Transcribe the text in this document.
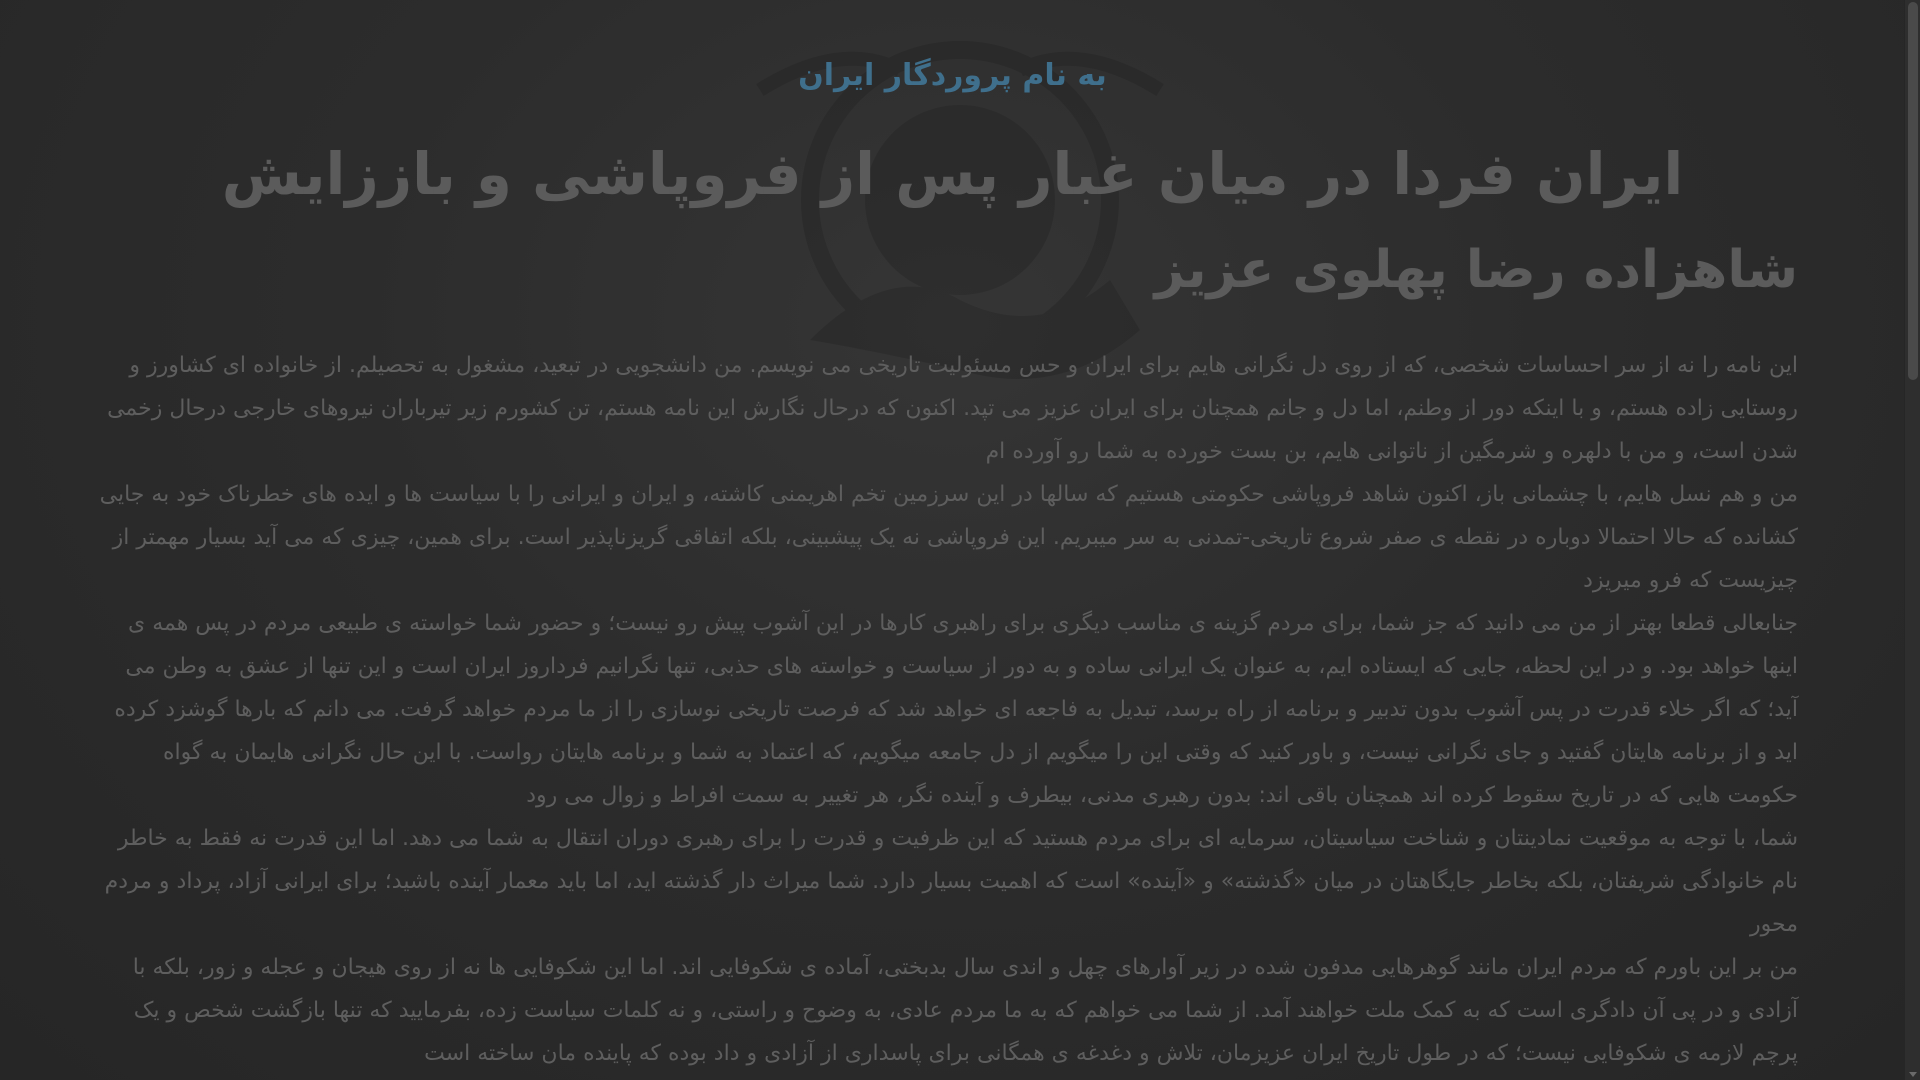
به نام پروردگار ایران
ایران فردا در میان غبار پس از فروپاشی و باززایش
شاهزاده رضا پهلوی عزیز

این نامه را نه از سر احساسات شخصی، که از روی دل نگرانی هایم برای ایران و حس مسئولیت تاریخی می نویسم. من دانشجویی در تبعید، مشغول به تحصیلم. از خانواده ای کشاورز و روستایی زاده هستم، و با اینکه دور از وطنم، اما دل و جانم همچنان برای ایران عزیز می تپد. اکنون که درحال نگارش این نامه هستم، تن کشورم زیر تیرباران نیروهای خارجی درحال زخمی شدن است، و من با دلهره و شرمگین از ناتوانی هایم، بن بست خورده به شما رو آورده ام

من و هم نسل هایم، با چشمانی باز، اکنون شاهد فروپاشی حکومتی هستیم که سالها در این سرزمین تخم اهریمنی کاشته، و ایران و ایرانی را با سیاست ها و ایده های خطرناک خود به جایی کشانده که حالا احتمالا دوباره در نقطه ی صفر شروع تاریخی-تمدنی به سر میبریم. این فروپاشی نه یک پیشبینی، بلکه اتفاقی گریزناپذیر است. برای همین، چیزی که می آید بسیار مهمتر از چیزیست که فرو میریزد

جنابعالی قطعا بهتر از من می دانید که جز شما، برای مردم گزینه ی مناسب دیگری برای راهبری کارها در این آشوب پیش رو نیست؛ و حضور شما خواسته ی طبیعی مردم در پس همه ی اینها خواهد بود. و در این لحظه، جایی که ایستاده ایم، به عنوان یک ایرانی ساده و به دور از سیاست و خواسته های حذبی، تنها نگرانیم فرداروز ایران است و این تنها از عشق به وطن می آید؛ که اگر خلاء قدرت در پس آشوب بدون تدبیر و برنامه از راه برسد، تبدیل به فاجعه ای خواهد شد که فرصت تاریخی نوسازی را از ما مردم خواهد گرفت. می دانم که بارها گوشزد کرده اید و از برنامه هایتان گفتید و جای نگرانی نیست، و باور کنید که وقتی این را میگویم از دل جامعه میگویم، که اعتماد به شما و برنامه هایتان رواست. با این حال نگرانی هایمان به گواه حکومت هایی که در تاریخ سقوط کرده اند همچنان باقی اند: بدون رهبری مدنی، بیطرف و آینده نگر، هر تغییر به سمت افراط و زوال می رود

شما، با توجه به موقعیت نمادینتان و شناخت سیاسیتان، سرمایه ای برای مردم هستید که این ظرفیت و قدرت را برای رهبری دوران انتقال به شما می دهد. اما این قدرت نه فقط به خاطر نام خانوادگی شریفتان، بلکه بخاطر جایگاهتان در میان «گذشته» و «آینده» است که اهمیت بسیار دارد. شما میراث دار گذشته اید، اما باید معمار آینده باشید؛ برای ایرانی آزاد، پرداد و مردم محور

من بر این باورم که مردم ایران مانند گوهرهایی مدفون شده در زیر آوارهای چهل و اندی سال بدبختی، آماده ی شکوفایی اند. اما این شکوفایی ها نه از روی هیجان و عجله و زور، بلکه با آزادی و در پی آن دادگری است که به کمک ملت خواهند آمد. از شما می خواهم که به ما مردم عادی، به وضوح و راستی، و نه کلمات سیاست زده، بفرمایید که تنها بازگشت شخص و یک پرچم لازمه ی شکوفایی نیست؛ که در طول تاریخ ایران عزیزمان، تلاش و دغدغه ی همگانی برای پاسداری از آزادی و داد بوده که پاینده مان ساخته است
